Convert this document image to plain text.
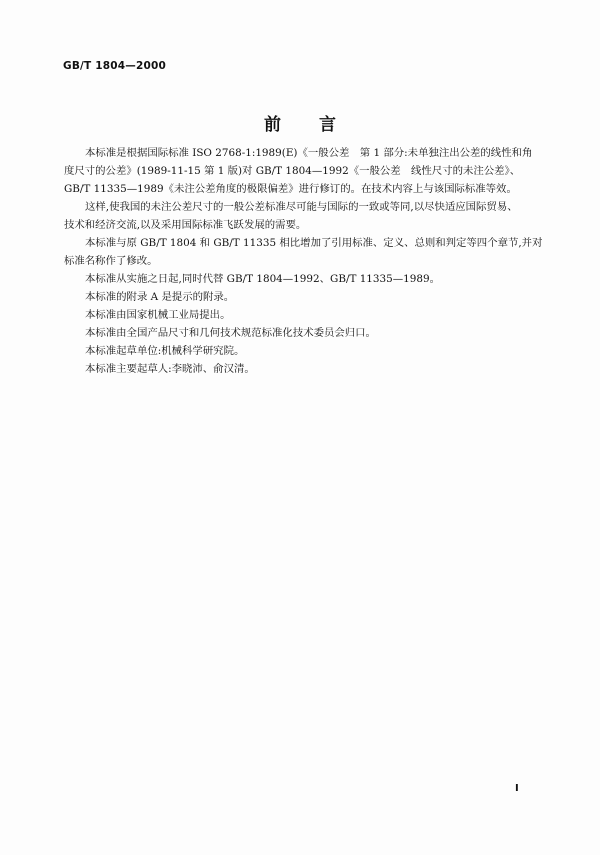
GB/T 1804—2000
前 言

本标准是根据国际标准 ISO 2768-1:1989(E)《一般公差　第 1 部分:未单独注出公差的线性和角
度尺寸的公差》(1989-11-15 第 1 版)对 GB/T 1804—1992《一般公差　线性尺寸的未注公差》、
GB/T 11335—1989《未注公差角度的极限偏差》进行修订的。在技术内容上与该国际标准等效。

这样,使我国的未注公差尺寸的一般公差标准尽可能与国际的一致或等同,以尽快适应国际贸易、
技术和经济交流,以及采用国际标准飞跃发展的需要。

本标准与原 GB/T 1804 和 GB/T 11335 相比增加了引用标准、定义、总则和判定等四个章节,并对
标准名称作了修改。

本标准从实施之日起,同时代替 GB/T 1804—1992、GB/T 11335—1989。

本标准的附录 A 是提示的附录。

本标准由国家机械工业局提出。

本标准由全国产品尺寸和几何技术规范标准化技术委员会归口。

本标准起草单位:机械科学研究院。

本标准主要起草人:李晓沛、俞汉清。

I
